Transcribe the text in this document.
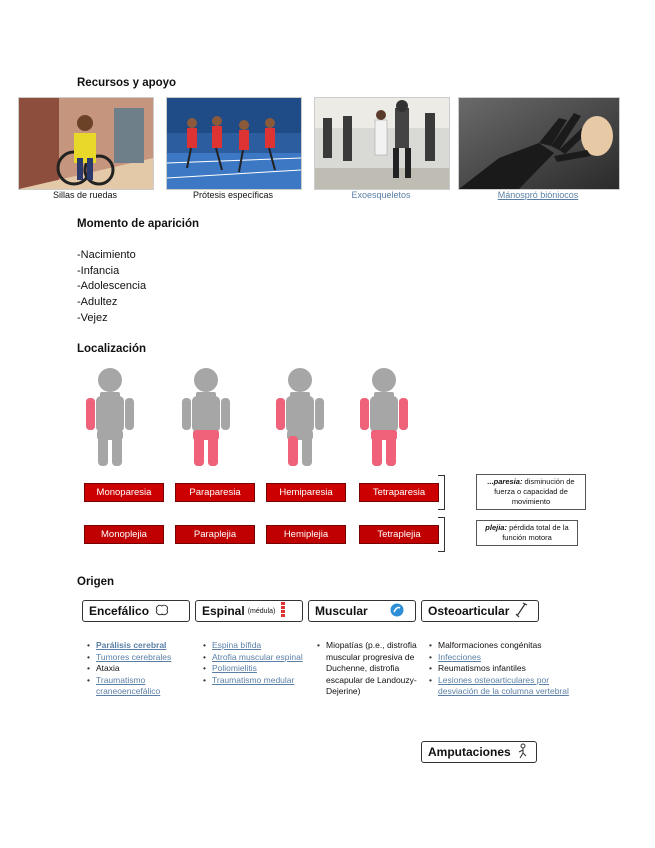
Recursos y apoyo
Sillas de ruedas	Prótesis específicas	Exoesqueletos	Mánospró bióniocos
Momento de aparición
-Nacimiento
-Infancia
-Adolescencia
-Adultez
-Vejez
Localización
Monoparesia	Paraparesia	Hemiparesia	Tetraparesia
...paresia: disminución de fuerza o capacidad de movimiento
Monoplejia	Paraplejia	Hemiplejia	Tetraplejia
plejia: pérdida total de la función motora
Origen
Encefálico	Espinal (médula)	Muscular	Osteoarticular
• Parálisis cerebral
• Tumores cerebrales
• Ataxia
• Traumatismo craneoencefálico
• Espina bífida
• Atrofia muscular espinal
• Poliomielitis
• Traumatismo medular
• Miopatías (p.e., distrofia muscular progresiva de Duchenne, distrofia escapular de Landouzy-Dejerine)
• Malformaciones congénitas
• Infecciones
• Reumatismos infantiles
• Lesiones osteoarticulares por desviación de la columna vertebral
Amputaciones
